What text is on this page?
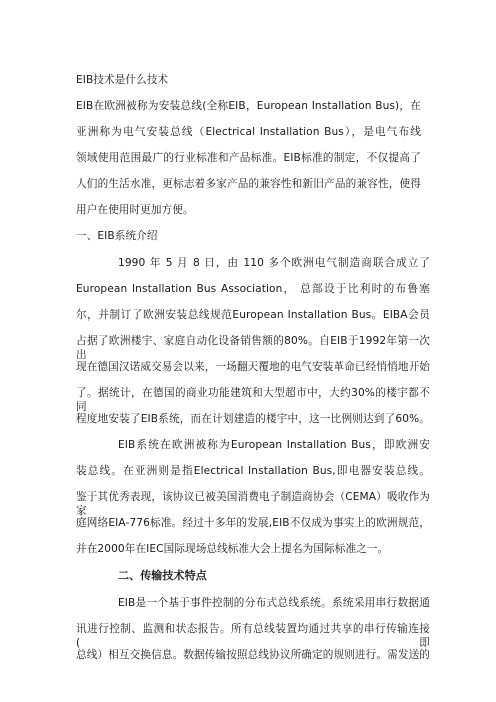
EIB技术是什么技术
EIB在欧洲被称为安装总线(全称EIB，European Installation Bus)，在
亚洲称为电气安装总线（Electrical Installation Bus），是电气布线
领域使用范围最广的行业标准和产品标准。EIB标准的制定，不仅提高了
人们的生活水准，更标志着多家产品的兼容性和新旧产品的兼容性，使得
用户在使用时更加方便。
一、EIB系统介绍
1990 年 5 月 8 日，由 110 多个欧洲电气制造商联合成立了
European Installation Bus Association， 总部设于比利时的布鲁塞
尔，并制订了欧洲安装总线规范European Installation Bus。EIBA会员
占据了欧洲楼宇、家庭自动化设备销售额的80%。自EIB于1992年第一次出
现在德国汉诺威交易会以来，一场翻天覆地的电气安装革命已经悄悄地开始
了。据统计，在德国的商业功能建筑和大型超市中，大约30%的楼宇都不同
程度地安装了EIB系统，而在计划建造的楼宇中，这一比例则达到了60%。
EIB系统在欧洲被称为European Installation Bus，即欧洲安
装总线。在亚洲则是指Electrical Installation Bus,即电器安装总线。
鉴于其优秀表现，该协议已被美国消费电子制造商协会（CEMA）吸收作为家
庭网络EIA-776标准。经过十多年的发展,EIB不仅成为事实上的欧洲规范，
并在2000年在IEC国际现场总线标准大会上提名为国际标准之一。
二、传输技术特点
EIB是一个基于事件控制的分布式总线系统。系统采用串行数据通
讯进行控制、监测和状态报告。所有总线装置均通过共享的串行传输连接(即
总线）相互交换信息。数据传输按照总线协议所确定的规则进行。需发送的
